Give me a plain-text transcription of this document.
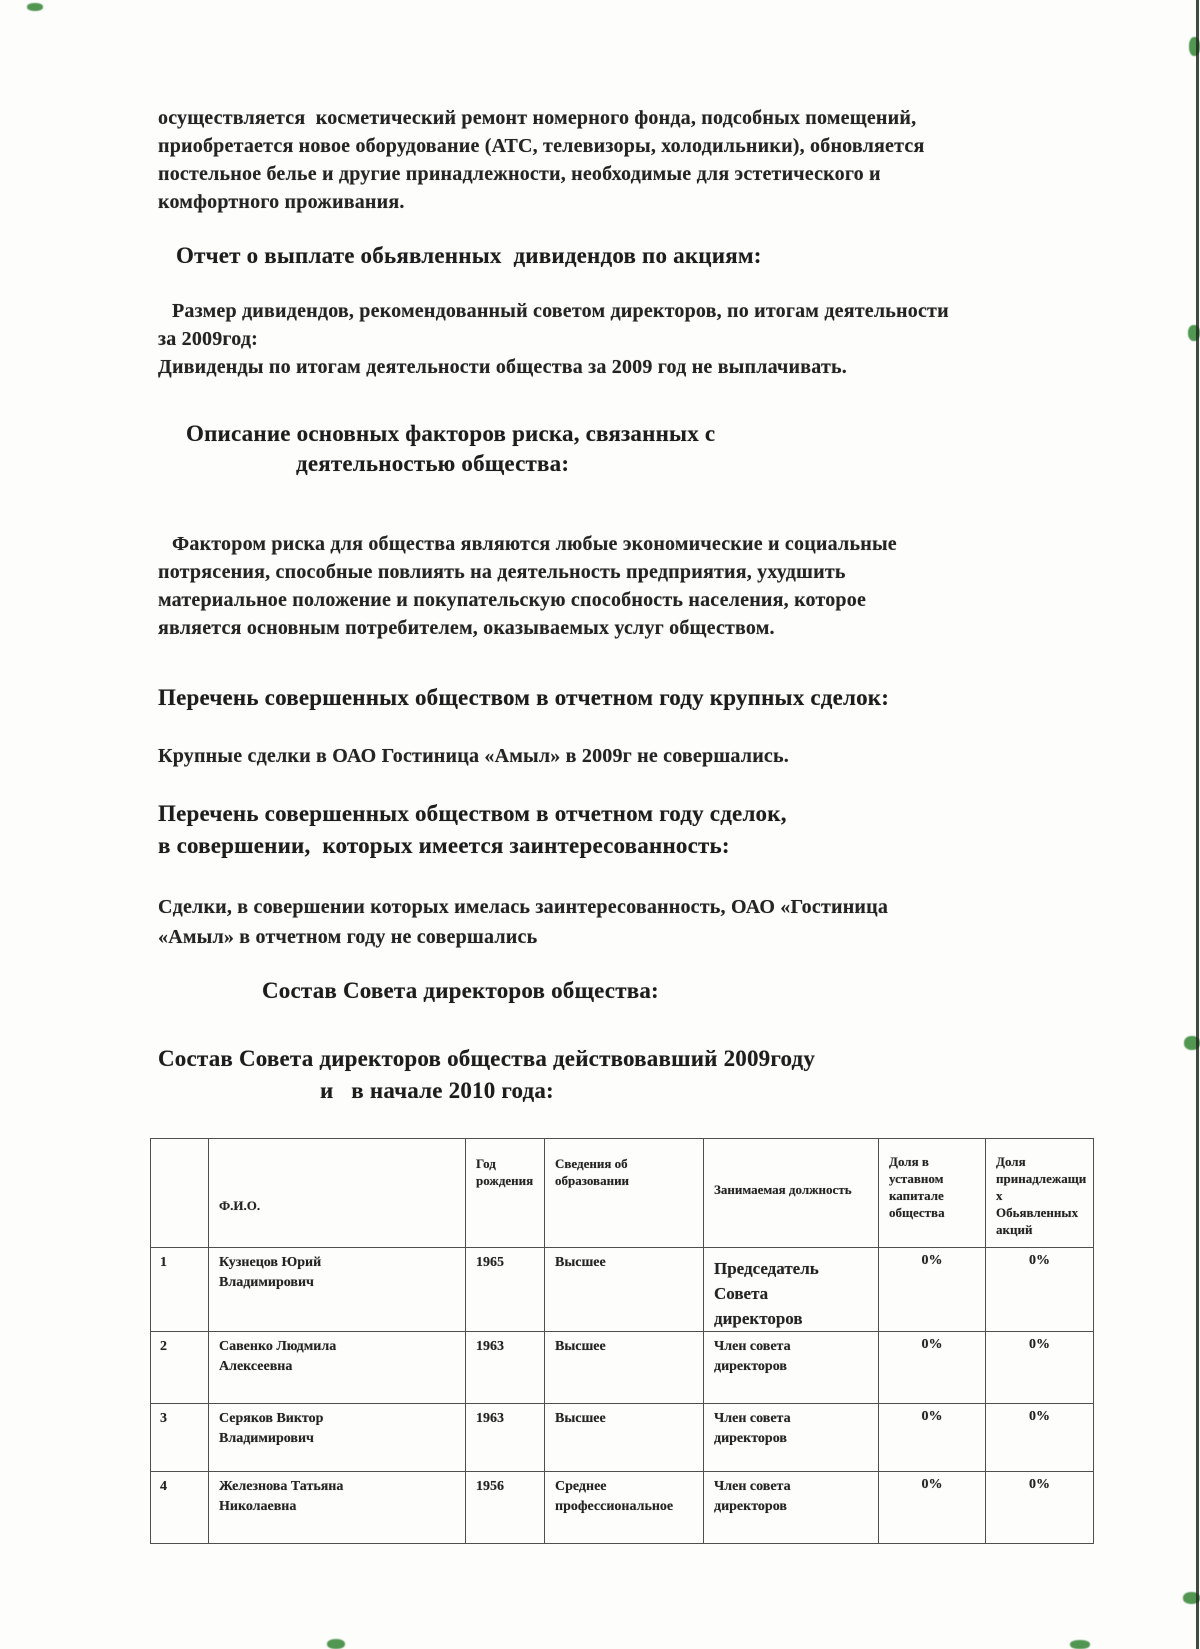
осуществляется  косметический ремонт номерного фонда, подсобных помещений,
приобретается новое оборудование (АТС, телевизоры, холодильники), обновляется
постельное белье и другие принадлежности, необходимые для эстетического и
комфортного проживания.
Отчет о выплате обьявленных  дивидендов по акциям:
Размер дивидендов, рекомендованный советом директоров, по итогам деятельности
за 2009год:
Дивиденды по итогам деятельности общества за 2009 год не выплачивать.
Описание основных факторов риска, связанных с
деятельностью общества:
Фактором риска для общества являются любые экономические и социальные
потрясения, способные повлиять на деятельность предприятия, ухудшить
материальное положение и покупательскую способность населения, которое
является основным потребителем, оказываемых услуг обществом.
Перечень совершенных обществом в отчетном году крупных сделок:
Крупные сделки в ОАО Гостиница «Амыл» в 2009г не совершались.
Перечень совершенных обществом в отчетном году сделок,
в совершении,  которых имеется заинтересованность:
Сделки, в совершении которых имелась заинтересованность, ОАО «Гостиница
«Амыл» в отчетном году не совершались
Состав Совета директоров общества:
Состав Совета директоров общества действовавший 2009году
и   в начале 2010 года:
	Ф.И.О.	Год рождения	Сведения об образовании	Занимаемая должность	Доля в уставном капитале общества	Доля принадлежащих Обьявленных акций
1	Кузнецов Юрий Владимирович	1965	Высшее	Председатель Совета директоров	0%	0%
2	Савенко Людмила Алексеевна	1963	Высшее	Член совета директоров	0%	0%
3	Серяков Виктор Владимирович	1963	Высшее	Член совета директоров	0%	0%
4	Железнова Татьяна Николаевна	1956	Среднее профессиональное	Член совета директоров	0%	0%
